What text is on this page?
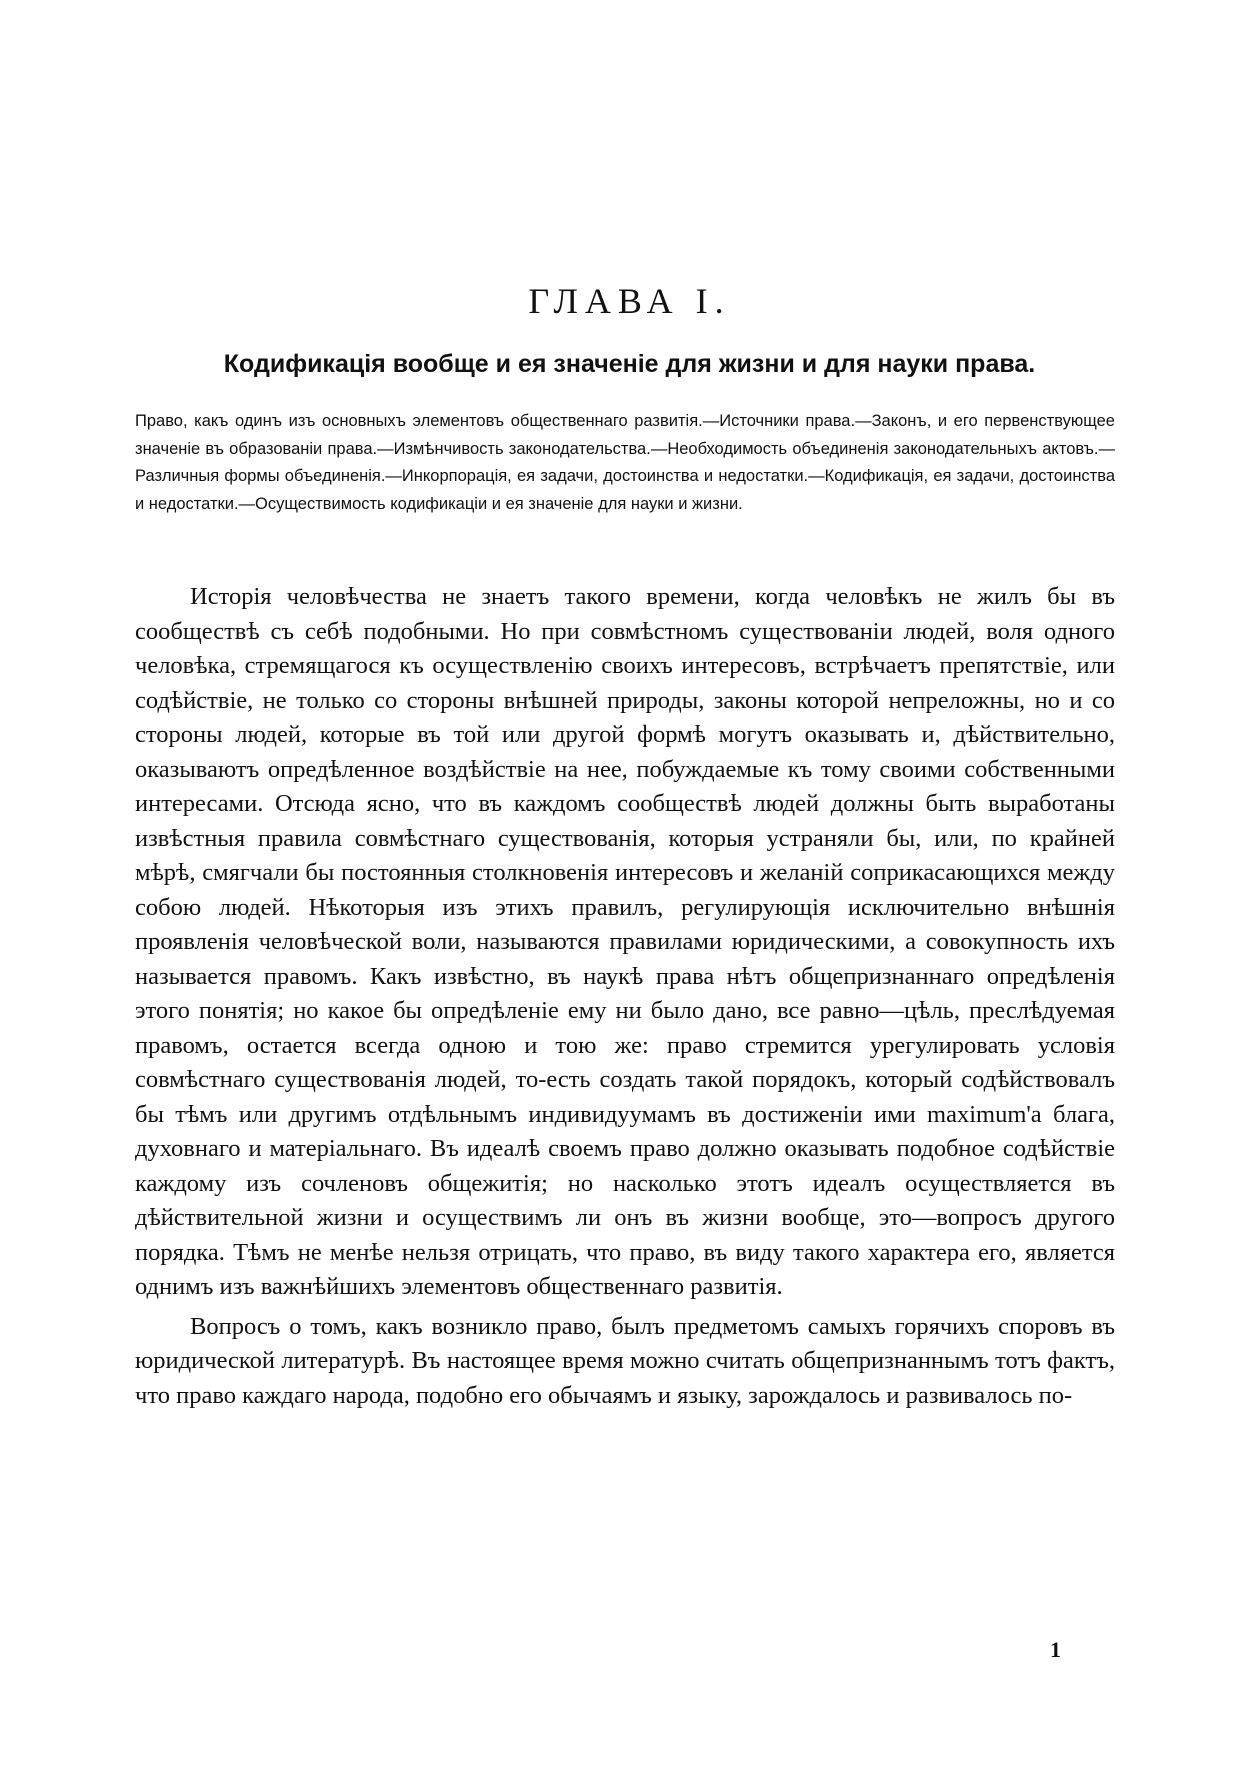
ГЛАВА I.
Кодификація вообще и ея значеніе для жизни и для науки права.

Право, какъ одинъ изъ основныхъ элементовъ общественнаго развитія.—Источники права.—Законъ, и его первенствующее значеніе въ образованіи права.—Измѣнчивость законодательства.—Необходимость объединенія законодательныхъ актовъ.—Различныя формы объединенія.—Инкорпорація, ея задачи, достоинства и недостатки.—Кодификація, ея задачи, достоинства и недостатки.—Осуществимость кодификаціи и ея значеніе для науки и жизни.

Исторія человѣчества не знаетъ такого времени, когда человѣкъ не жилъ бы въ сообществѣ съ себѣ подобными. Но при совмѣстномъ существованіи людей, воля одного человѣка, стремящагося къ осуществленію своихъ интересовъ, встрѣчаетъ препятствіе, или содѣйствіе, не только со стороны внѣшней природы, законы которой непреложны, но и со стороны людей, которые въ той или другой формѣ могутъ оказывать и, дѣйствительно, оказываютъ опредѣленное воздѣйствіе на нее, побуждаемые къ тому своими собственными интересами. Отсюда ясно, что въ каждомъ сообществѣ людей должны быть выработаны извѣстныя правила совмѣстнаго существованія, которыя устраняли бы, или, по крайней мѣрѣ, смягчали бы постоянныя столкновенія интересовъ и желаній соприкасающихся между собою людей. Нѣкоторыя изъ этихъ правилъ, регулирующія исключительно внѣшнія проявленія человѣческой воли, называются правилами юридическими, а совокупность ихъ называется правомъ. Какъ извѣстно, въ наукѣ права нѣтъ общепризнаннаго опредѣленія этого понятія; но какое бы опредѣленіе ему ни было дано, все равно—цѣль, преслѣдуемая правомъ, остается всегда одною и тою же: право стремится урегулировать условія совмѣстнаго существованія людей, то-есть создать такой порядокъ, который содѣйствовалъ бы тѣмъ или другимъ отдѣльнымъ индивидуумамъ въ достиженіи ими maximum'а блага, духовнаго и матеріальнаго. Въ идеалѣ своемъ право должно оказывать подобное содѣйствіе каждому изъ сочленовъ общежитія; но насколько этотъ идеалъ осуществляется въ дѣйствительной жизни и осуществимъ ли онъ въ жизни вообще, это—вопросъ другого порядка. Тѣмъ не менѣе нельзя отрицать, что право, въ виду такого характера его, является однимъ изъ важнѣйшихъ элементовъ общественнаго развитія.

Вопросъ о томъ, какъ возникло право, былъ предметомъ самыхъ горячихъ споровъ въ юридической литературѣ. Въ настоящее время можно считать общепризнаннымъ тотъ фактъ, что право каждаго народа, подобно его обычаямъ и языку, зарождалось и развивалось по-

1
